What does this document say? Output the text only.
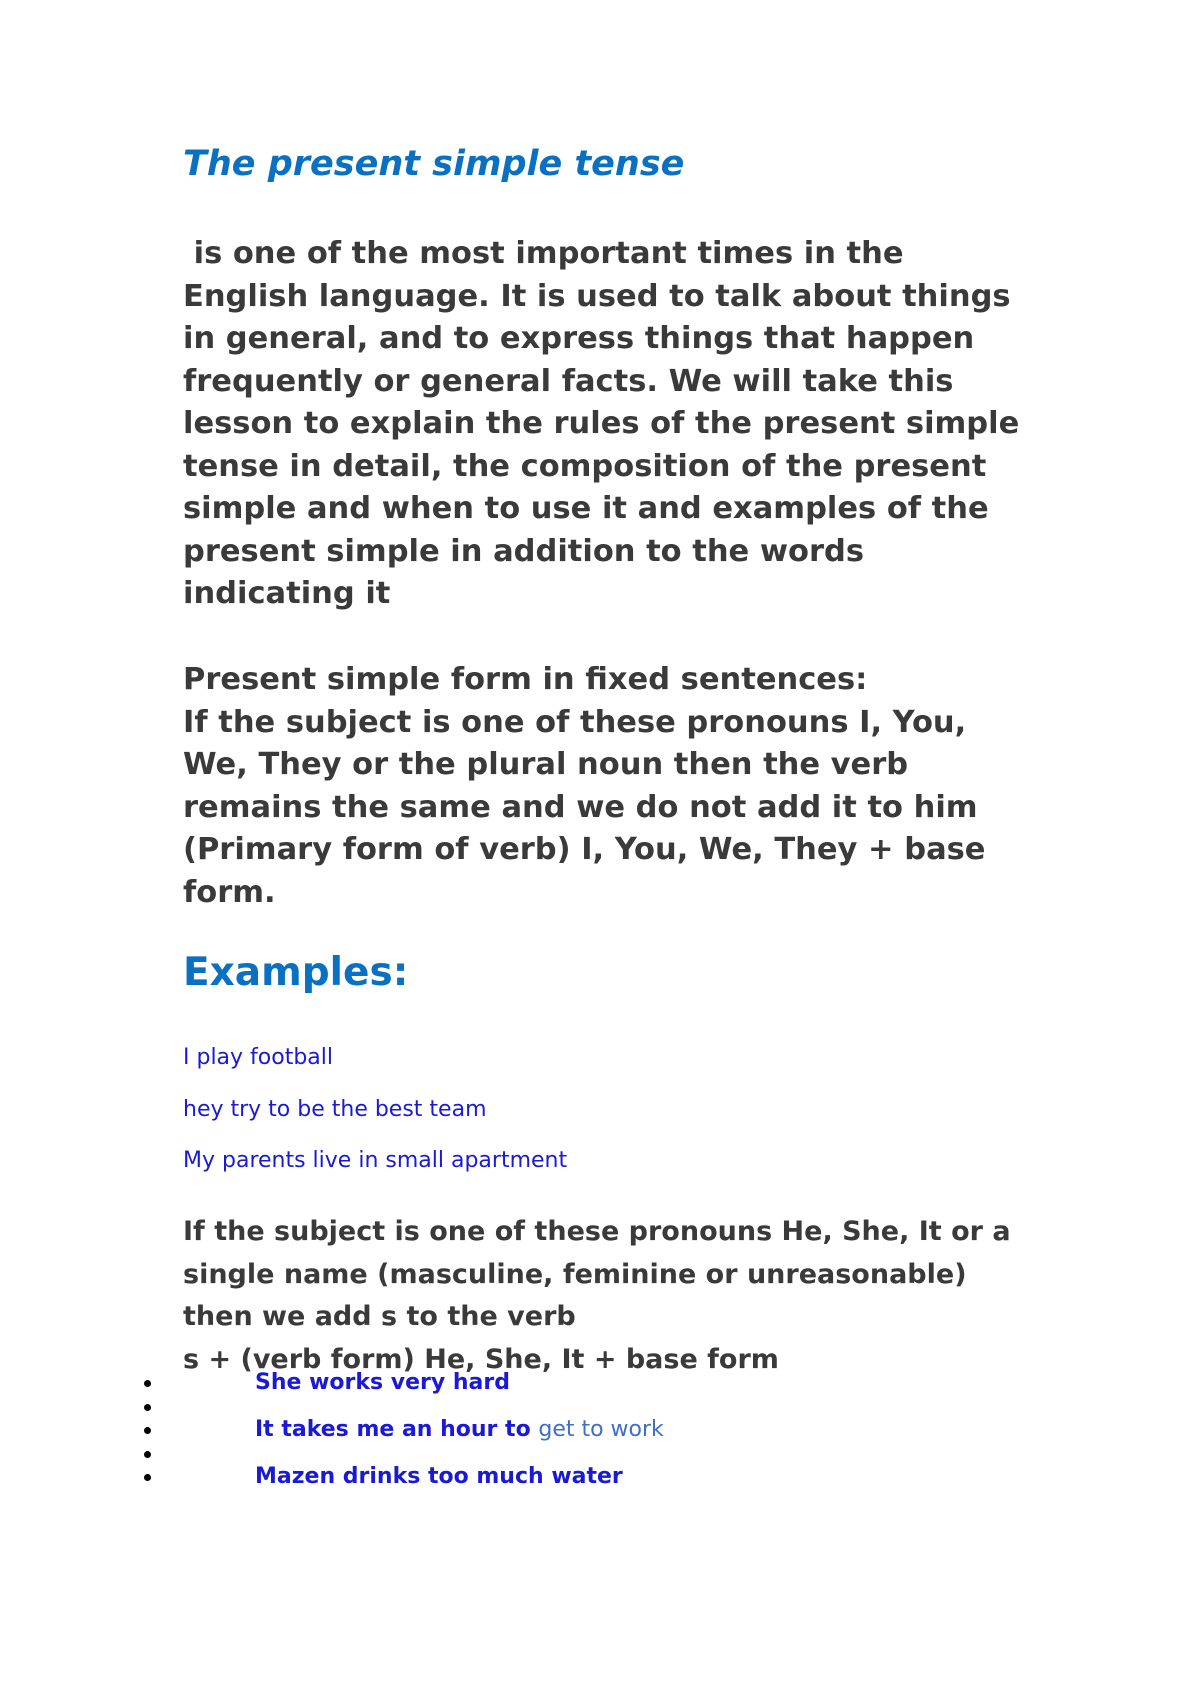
The present simple tense

is one of the most important times in the
English language. It is used to talk about things in general, and to express things that happen frequently or general facts. We will take this lesson to explain the rules of the present simple tense in detail, the composition of the present simple and when to use it and examples of the present simple in addition to the words indicating it

Present simple form in fixed sentences:
If the subject is one of these pronouns I, You, We, They or the plural noun then the verb remains the same and we do not add it to him (Primary form of verb) I, You, We, They + base form.

Examples:
I play football
hey try to be the best team
My parents live in small apartment

If the subject is one of these pronouns He, She, It or a single name (masculine, feminine or unreasonable) then we add s to the verb
s + (verb form) He, She, It + base form

She works very hard
It takes me an hour to get to work
Mazen drinks too much water
